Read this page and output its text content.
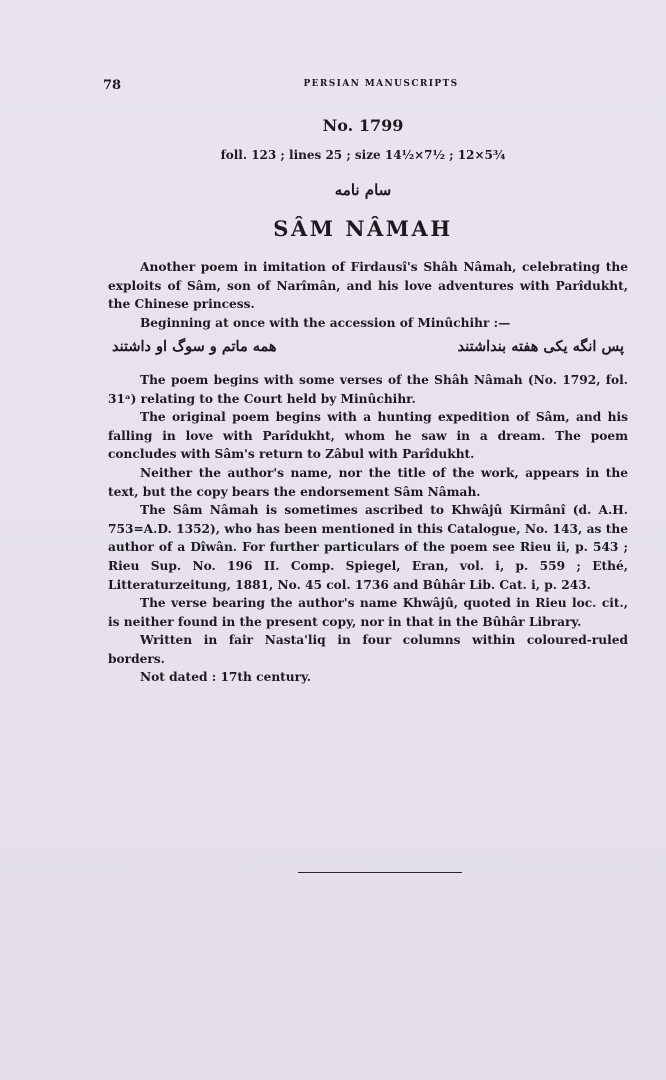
78	PERSIAN MANUSCRIPTS
No. 1799
foll. 123 ; lines 25 ; size 14½×7½ ; 12×5¾
سام نامه
SÂM NÂMAH

Another poem in imitation of Firdausî's Shâh Nâmah, celebrating the exploits of Sâm, son of Narîmân, and his love adventures with Parîdukht, the Chinese princess.

Beginning at once with the accession of Minûchihr :—

پس انگه یکی هفته بنداشتند
همه ماتم و سوگ او داشتند

The poem begins with some verses of the Shâh Nâmah (No. 1792, fol. 31ᵃ) relating to the Court held by Minûchihr.

The original poem begins with a hunting expedition of Sâm, and his falling in love with Parîdukht, whom he saw in a dream. The poem concludes with Sâm's return to Zâbul with Parîdukht.

Neither the author's name, nor the title of the work, appears in the text, but the copy bears the endorsement Sâm Nâmah.

The Sâm Nâmah is sometimes ascribed to Khwâjû Kirmânî (d. A.H. 753=A.D. 1352), who has been mentioned in this Catalogue, No. 143, as the author of a Dîwân. For further particulars of the poem see Rieu ii, p. 543 ; Rieu Sup. No. 196 II. Comp. Spiegel, Eran, vol. i, p. 559 ; Ethé, Litteraturzeitung, 1881, No. 45 col. 1736 and Bûhâr Lib. Cat. i, p. 243.

The verse bearing the author's name Khwâjû, quoted in Rieu loc. cit., is neither found in the present copy, nor in that in the Bûhâr Library.

Written in fair Nasta'liq in four columns within coloured-ruled borders.

Not dated : 17th century.
